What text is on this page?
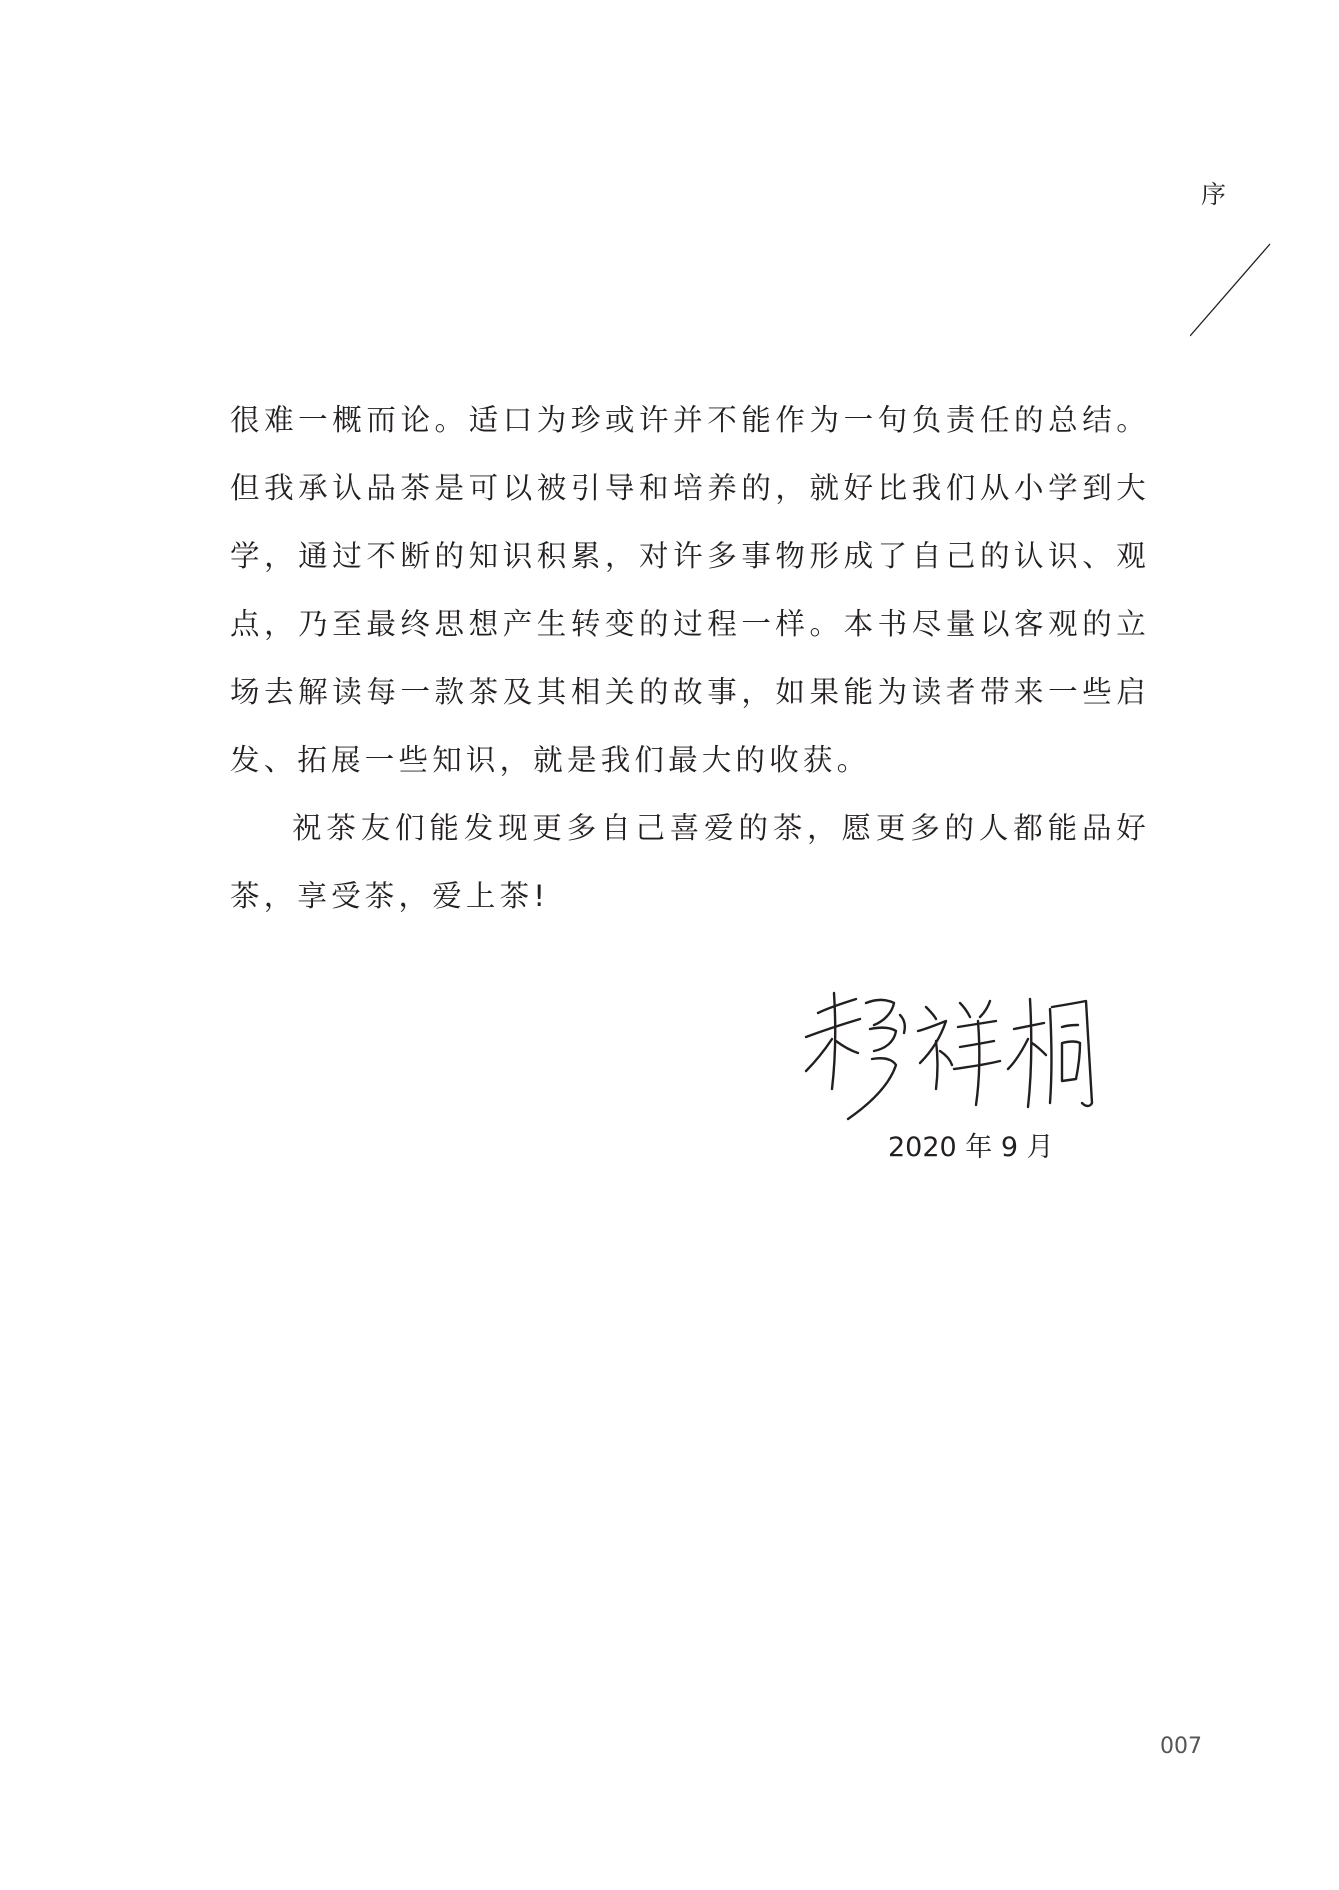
序

很难一概而论。适口为珍或许并不能作为一句负责任的总结。但我承认品茶是可以被引导和培养的，就好比我们从小学到大学，通过不断的知识积累，对许多事物形成了自己的认识、观点，乃至最终思想产生转变的过程一样。本书尽量以客观的立场去解读每一款茶及其相关的故事，如果能为读者带来一些启发、拓展一些知识，就是我们最大的收获。

祝茶友们能发现更多自己喜爱的茶，愿更多的人都能品好茶，享受茶，爱上茶!

2020 年 9 月
007
